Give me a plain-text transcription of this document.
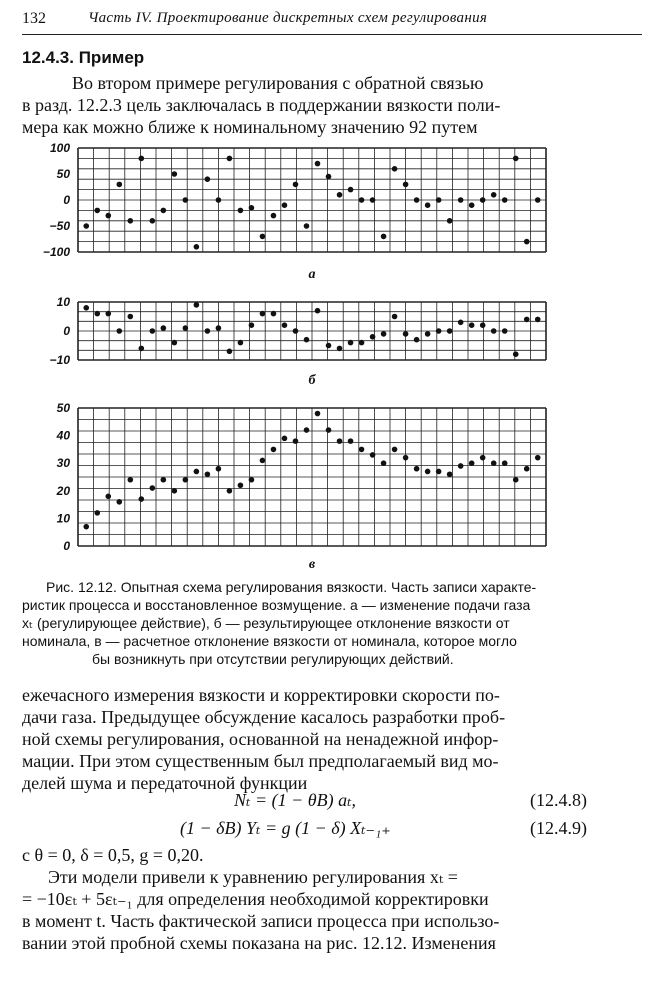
132	Часть IV. Проектирование дискретных схем регулирования
12.4.3. Пример
Во втором примере регулирования с обратной связью
в разд. 12.2.3 цель заключалась в поддержании вязкости поли-
мера как можно ближе к номинальному значению 92 путем
100
50
0
−50
−100
а
10
0
−10
б
50
40
30
20
10
0
в
Рис. 12.12. Опытная схема регулирования вязкости. Часть записи характе-
ристик процесса и восстановленное возмущение. а — изменение подачи газа
xₜ (регулирующее действие), б — результирующее отклонение вязкости от
номинала, в — расчетное отклонение вязкости от номинала, которое могло
бы возникнуть при отсутствии регулирующих действий.
ежечасного измерения вязкости и корректировки скорости по-
дачи газа. Предыдущее обсуждение касалось разработки проб-
ной схемы регулирования, основанной на ненадежной инфор-
мации. При этом существенным был предполагаемый вид мо-
делей шума и передаточной функции
Nₜ = (1 − θB) aₜ,	(12.4.8)
(1 − δB) Yₜ = g (1 − δ) Xₜ₋₁₊	(12.4.9)
с θ = 0, δ = 0,5, g = 0,20.
Эти модели привели к уравнению регулирования xₜ =
= −10εₜ + 5εₜ₋₁ для определения необходимой корректировки
в момент t. Часть фактической записи процесса при использо-
вании этой пробной схемы показана на рис. 12.12. Изменения
